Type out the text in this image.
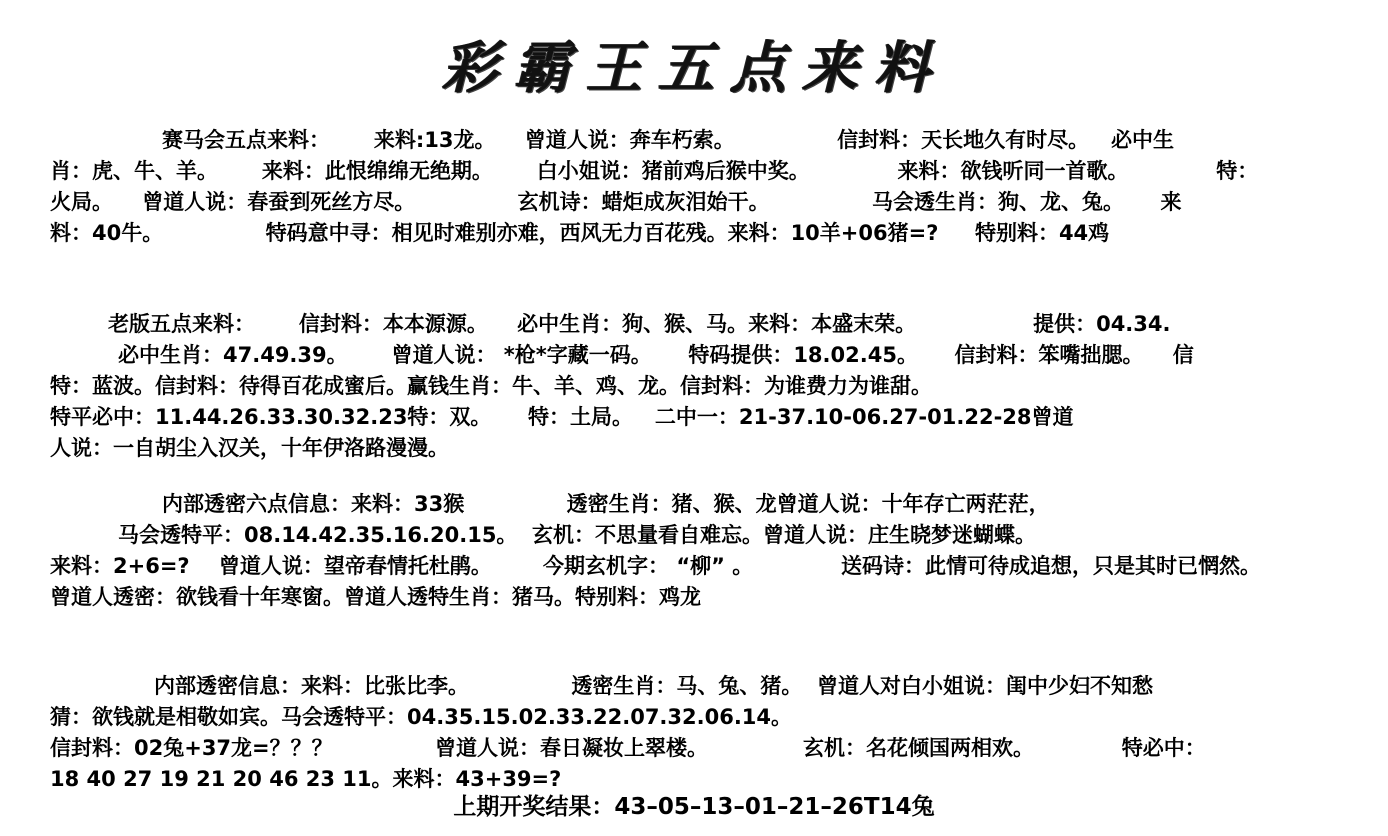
彩霸王五点来料
赛马会五点来料：      来料:13龙。    曾道人说：奔车朽索。              信封料：天长地久有时尽。   必中生
肖：虎、牛、羊。      来料：此恨绵绵无绝期。      白小姐说：猪前鸡后猴中奖。            来料：欲钱听同一首歌。            特：
火局。    曾道人说：春蚕到死丝方尽。              玄机诗：蜡炬成灰泪始干。              马会透生肖：狗、龙、兔。     来
料：40牛。              特码意中寻：相见时难别亦难，西风无力百花残。来料：10羊+06猪=?     特别料：44鸡
老版五点来料：      信封料：本本源源。    必中生肖：狗、猴、马。来料：本盛末荣。                提供：04.34.
必中生肖：47.49.39。      曾道人说： *枪*字藏一码。     特码提供：18.02.45。     信封料：笨嘴拙腮。    信
特：蓝波。信封料：待得百花成蜜后。赢钱生肖：牛、羊、鸡、龙。信封料：为谁费力为谁甜。
特平必中：11.44.26.33.30.32.23特：双。     特：土局。   二中一：21-37.10-06.27-01.22-28曾道
人说：一自胡尘入汉关，十年伊洛路漫漫。
内部透密六点信息：来料：33猴              透密生肖：猪、猴、龙曾道人说：十年存亡两茫茫，
马会透特平：08.14.42.35.16.20.15。  玄机：不思量看自难忘。曾道人说：庄生晓梦迷蝴蝶。
来料：2+6=?    曾道人说：望帝春情托杜鹃。       今期玄机字： “柳” 。            送码诗：此情可待成追想，只是其时已惘然。
曾道人透密：欲钱看十年寒窗。曾道人透特生肖：猪马。特别料：鸡龙
内部透密信息：来料：比张比李。              透密生肖：马、兔、猪。  曾道人对白小姐说：闺中少妇不知愁
猜：欲钱就是相敬如宾。马会透特平：04.35.15.02.33.22.07.32.06.14。
信封料：02兔+37龙=？？？              曾道人说：春日凝妆上翠楼。             玄机：名花倾国两相欢。            特必中：
18 40 27 19 21 20 46 23 11。来料：43+39=?
上期开奖结果：43–05–13–01–21–26T14兔
